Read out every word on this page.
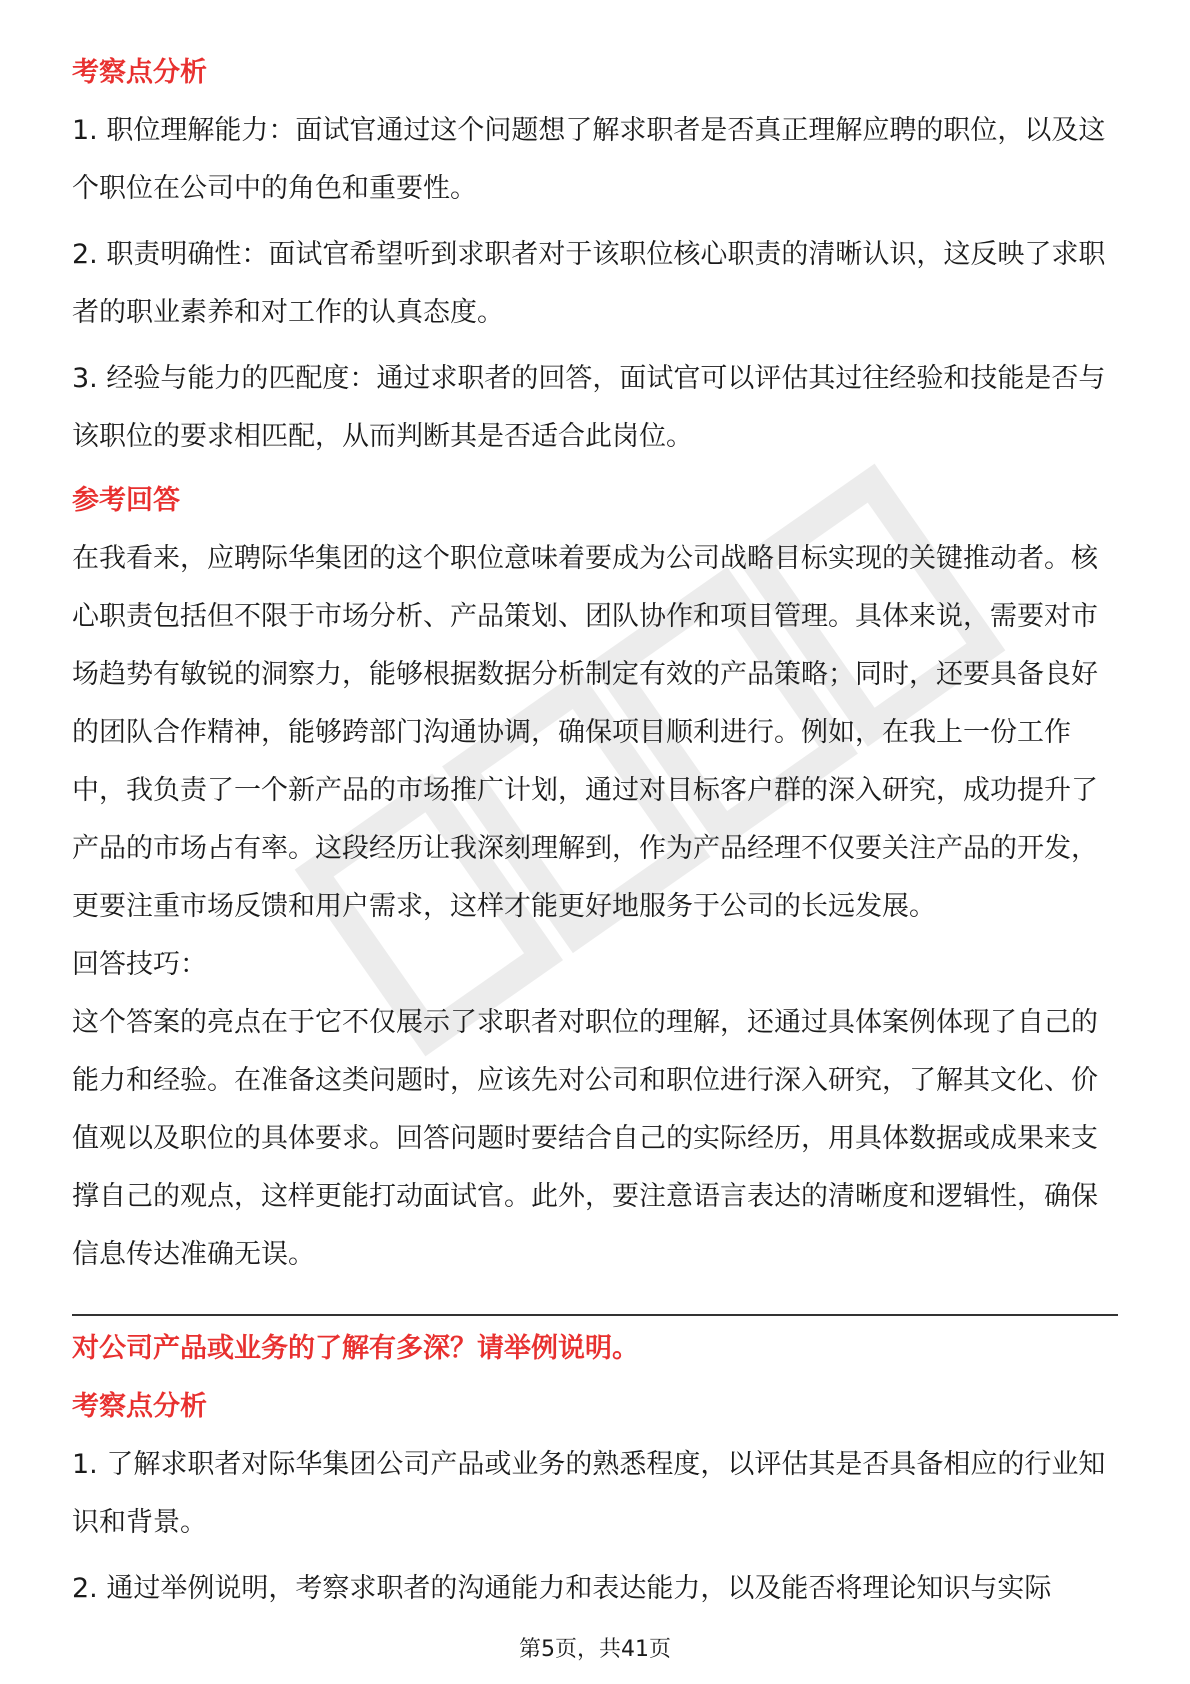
考察点分析

1. 职位理解能力：面试官通过这个问题想了解求职者是否真正理解应聘的职位，以及这个职位在公司中的角色和重要性。

2. 职责明确性：面试官希望听到求职者对于该职位核心职责的清晰认识，这反映了求职者的职业素养和对工作的认真态度。

3. 经验与能力的匹配度：通过求职者的回答，面试官可以评估其过往经验和技能是否与该职位的要求相匹配，从而判断其是否适合此岗位。

参考回答

在我看来，应聘际华集团的这个职位意味着要成为公司战略目标实现的关键推动者。核心职责包括但不限于市场分析、产品策划、团队协作和项目管理。具体来说，需要对市场趋势有敏锐的洞察力，能够根据数据分析制定有效的产品策略；同时，还要具备良好的团队合作精神，能够跨部门沟通协调，确保项目顺利进行。例如，在我上一份工作中，我负责了一个新产品的市场推广计划，通过对目标客户群的深入研究，成功提升了产品的市场占有率。这段经历让我深刻理解到，作为产品经理不仅要关注产品的开发，更要注重市场反馈和用户需求，这样才能更好地服务于公司的长远发展。

回答技巧：

这个答案的亮点在于它不仅展示了求职者对职位的理解，还通过具体案例体现了自己的能力和经验。在准备这类问题时，应该先对公司和职位进行深入研究，了解其文化、价值观以及职位的具体要求。回答问题时要结合自己的实际经历，用具体数据或成果来支撑自己的观点，这样更能打动面试官。此外，要注意语言表达的清晰度和逻辑性，确保信息传达准确无误。

对公司产品或业务的了解有多深？请举例说明。

考察点分析

1. 了解求职者对际华集团公司产品或业务的熟悉程度，以评估其是否具备相应的行业知识和背景。

2. 通过举例说明，考察求职者的沟通能力和表达能力，以及能否将理论知识与实际

第5页，共41页
